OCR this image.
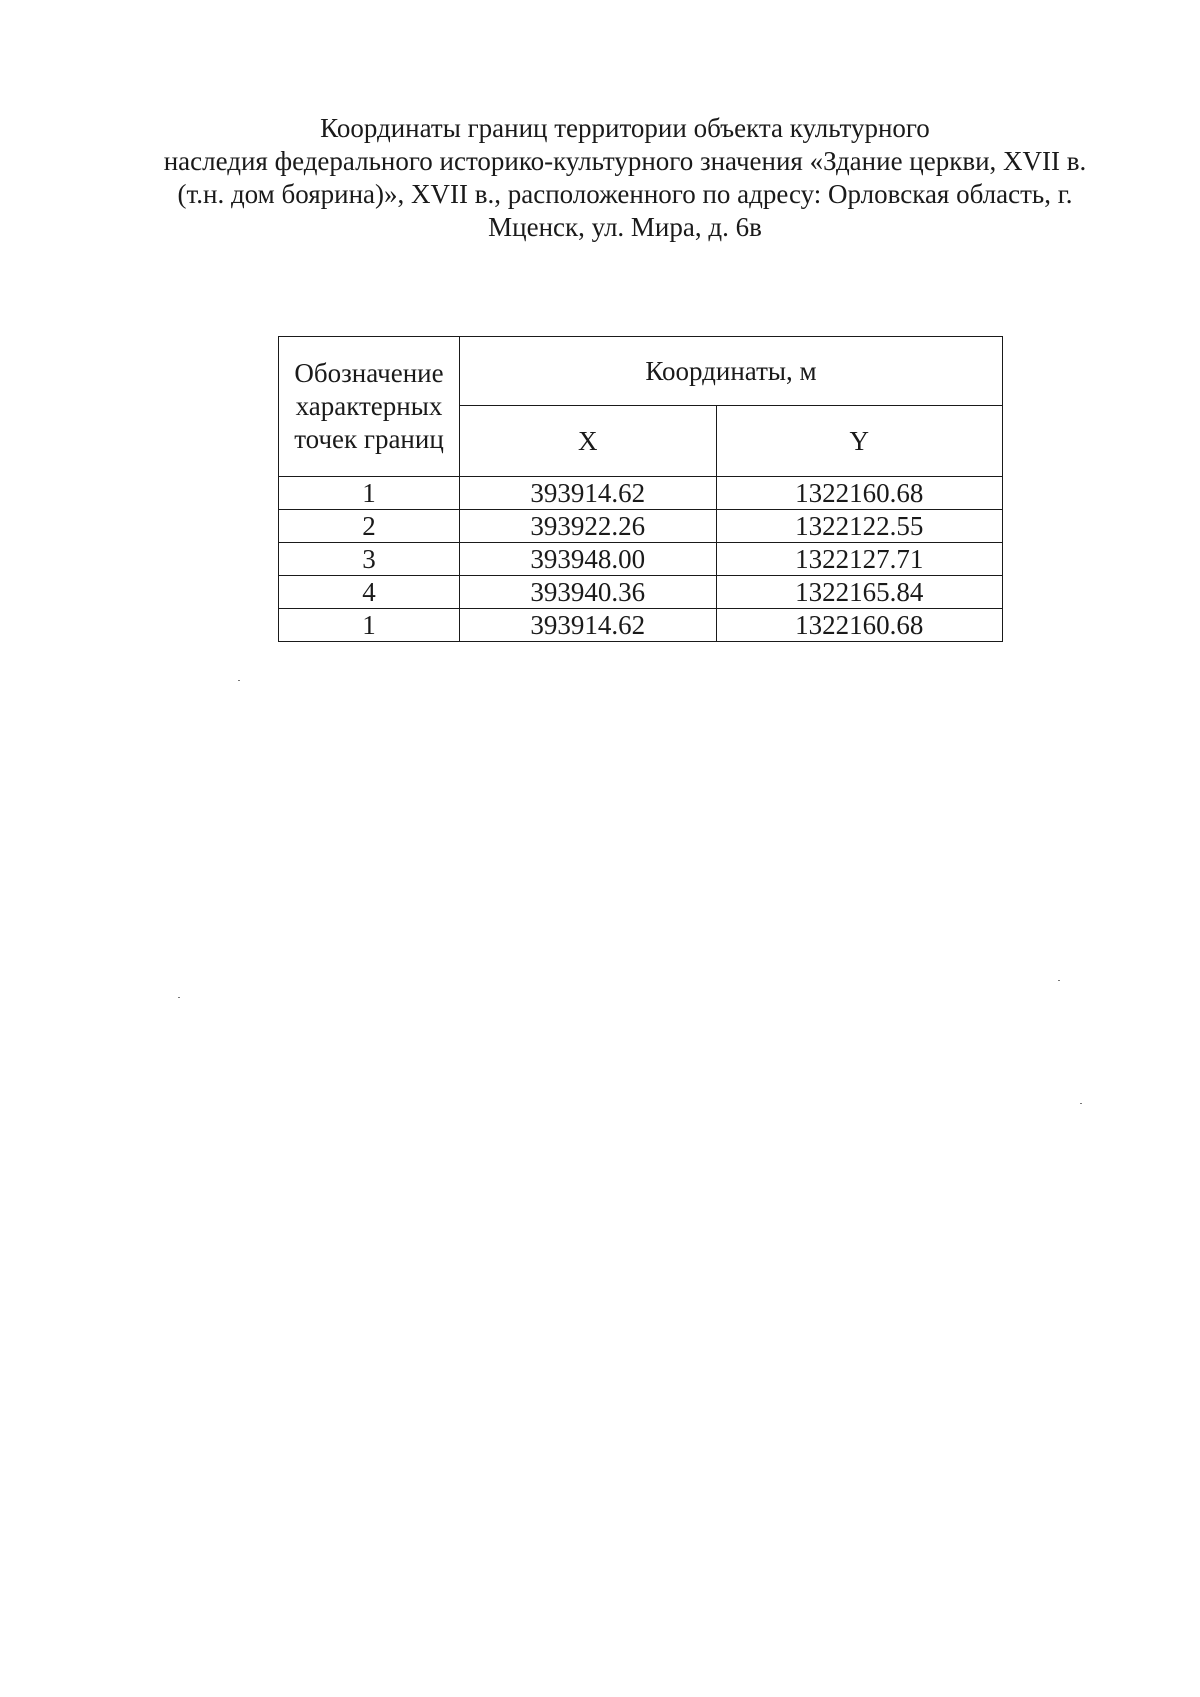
Координаты границ территории объекта культурного
наследия федерального историко-культурного значения «Здание церкви, XVII в.
(т.н. дом боярина)», XVII в., расположенного по адресу: Орловская область, г.
Мценск, ул. Мира, д. 6в
Обозначение характерных точек границ	Координаты, м	
	X	Y
1	393914.62	1322160.68
2	393922.26	1322122.55
3	393948.00	1322127.71
4	393940.36	1322165.84
1	393914.62	1322160.68
